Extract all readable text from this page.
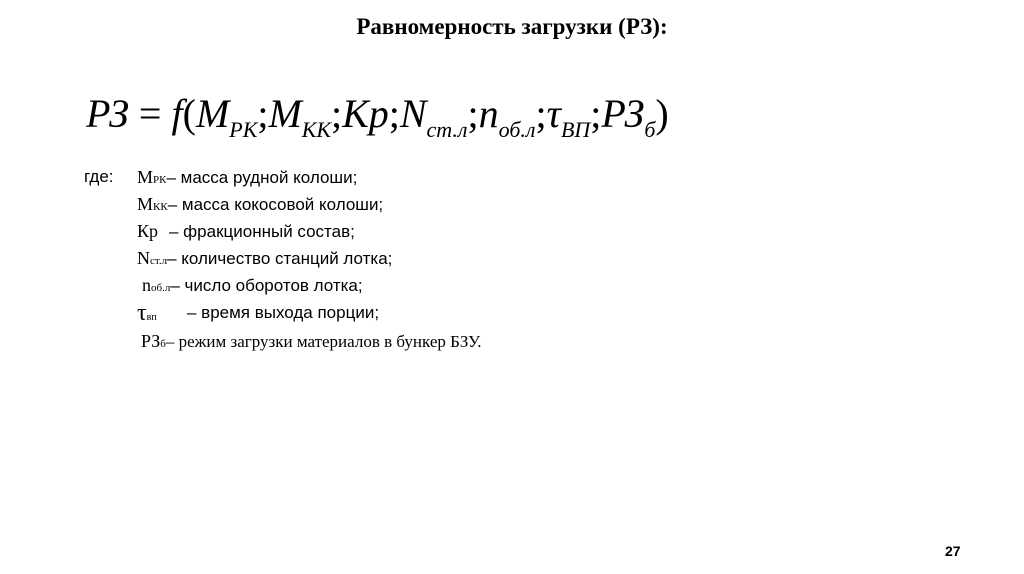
Равномерность загрузки (РЗ):
РЗ = $f(M_{РК};M_{КК};Кр;N_{ст.л};n_{об.л};\tau_{ВП};РЗ_б)$
где: MРК– масса рудной колоши;
MКК– масса кокосовой колоши;
Кр– фракционный состав;
Nст.л– количество станций лотка;
nоб.л– число оборотов лотка;
τвп– время выхода порции;
РЗб– режим загрузки материалов в бункер БЗУ.
27
